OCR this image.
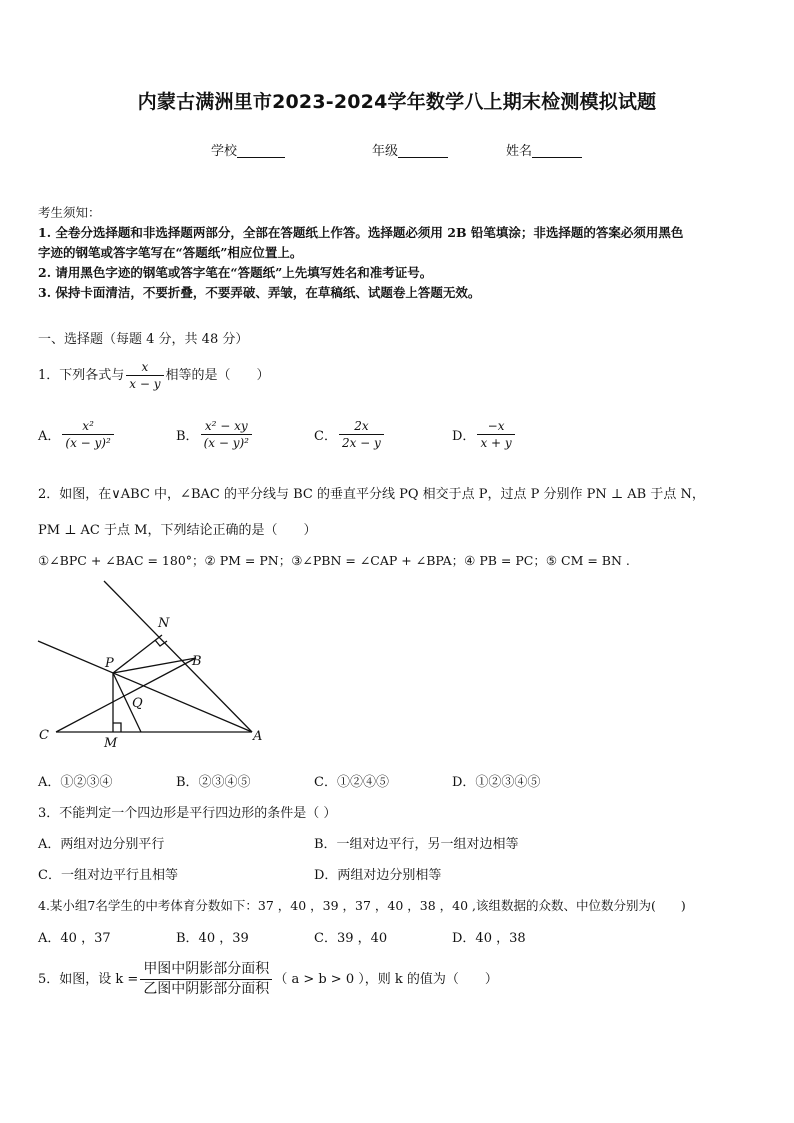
内蒙古满洲里市2023-2024学年数学八上期末检测模拟试题
学校	年级	姓名
考生须知：
1. 全卷分选择题和非选择题两部分，全部在答题纸上作答。选择题必须用 2B 铅笔填涂；非选择题的答案必须用黑色
字迹的钢笔或答字笔写在“答题纸”相应位置上。
2. 请用黑色字迹的钢笔或答字笔在“答题纸”上先填写姓名和准考证号。
3. 保持卡面清洁，不要折叠，不要弄破、弄皱，在草稿纸、试题卷上答题无效。
一、选择题（每题 4 分，共 48 分）
1．下列各式与 $\frac{x}{x - y}$ 相等的是（　　）
A． $\frac{\text{x²}}{\text{(x − y)²}}$	B． $\frac{\text{x² − xy}}{\text{(x − y)²}}$	C． $\frac{2x}{2x - y}$	D． $\frac{-x}{x + y}$
2．如图，在∨ABC 中，∠BAC 的平分线与 BC 的垂直平分线 PQ 相交于点 P，过点 P 分别作 PN ⊥ AB 于点 N，
PM ⊥ AC 于点 M，下列结论正确的是（　　）
①∠BPC + ∠BAC = 180°；② PM = PN；③∠PBN = ∠CAP + ∠BPA；④ PB = PC；⑤ CM = BN .
N
P	B
Q
C
M	A
A．①②③④	B．②③④⑤	C．①②④⑤	D．①②③④⑤
3．不能判定一个四边形是平行四边形的条件是（ ）
A．两组对边分别平行	B．一组对边平行，另一组对边相等
C．一组对边平行且相等	D．两组对边分别相等
4.某小组7名学生的中考体育分数如下：37 ，40 ，39 ，37 ，40 ，38 ，40 ,该组数据的众数、中位数分别为(　　)
A．40 ，37	B．40 ，39	C．39 ，40	D．40 ，38
5．如图，设 $k = \frac{\text{甲图中阴影部分面积}}{\text{乙图中阴影部分面积}}$ （ a > b > 0 ），则 k 的值为（　　）
